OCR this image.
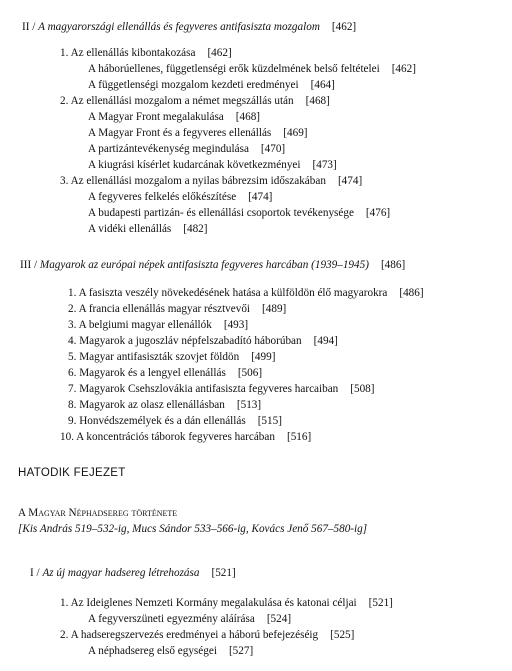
II / A magyarországi ellenállás és fegyveres antifasiszta mozgalom [462]
1. Az ellenállás kibontakozása [462]
A háborúellenes, függetlenségi erők küzdelmének belső feltételei [462]
A függetlenségi mozgalom kezdeti eredményei [464]
2. Az ellenállási mozgalom a német megszállás után [468]
A Magyar Front megalakulása [468]
A Magyar Front és a fegyveres ellenállás [469]
A partizántevékenység megindulása [470]
A kiugrási kísérlet kudarcának következményei [473]
3. Az ellenállási mozgalom a nyilas bábrezsim időszakában [474]
A fegyveres felkelés előkészítése [474]
A budapesti partizán- és ellenállási csoportok tevékenysége [476]
A vidéki ellenállás [482]
III / Magyarok az európai népek antifasiszta fegyveres harcában (1939–1945) [486]
1. A fasiszta veszély növekedésének hatása a külföldön élő magyarokra [486]
2. A francia ellenállás magyar résztvevői [489]
3. A belgiumi magyar ellenállók [493]
4. Magyarok a jugoszláv népfelszabadító háborúban [494]
5. Magyar antifasiszták szovjet földön [499]
6. Magyarok és a lengyel ellenállás [506]
7. Magyarok Csehszlovákia antifasiszta fegyveres harcaiban [508]
8. Magyarok az olasz ellenállásban [513]
9. Honvédszemélyek és a dán ellenállás [515]
10. A koncentrációs táborok fegyveres harcában [516]
HATODIK FEJEZET
A Magyar Néphadsereg története
[Kis András 519–532-ig, Mucs Sándor 533–566-ig, Kovács Jenő 567–580-ig]
I / Az új magyar hadsereg létrehozása [521]
1. Az Ideiglenes Nemzeti Kormány megalakulása és katonai céljai [521]
A fegyverszüneti egyezmény aláírása [524]
2. A hadseregszervezés eredményei a háború befejezéséig [525]
A néphadsereg első egységei [527]
